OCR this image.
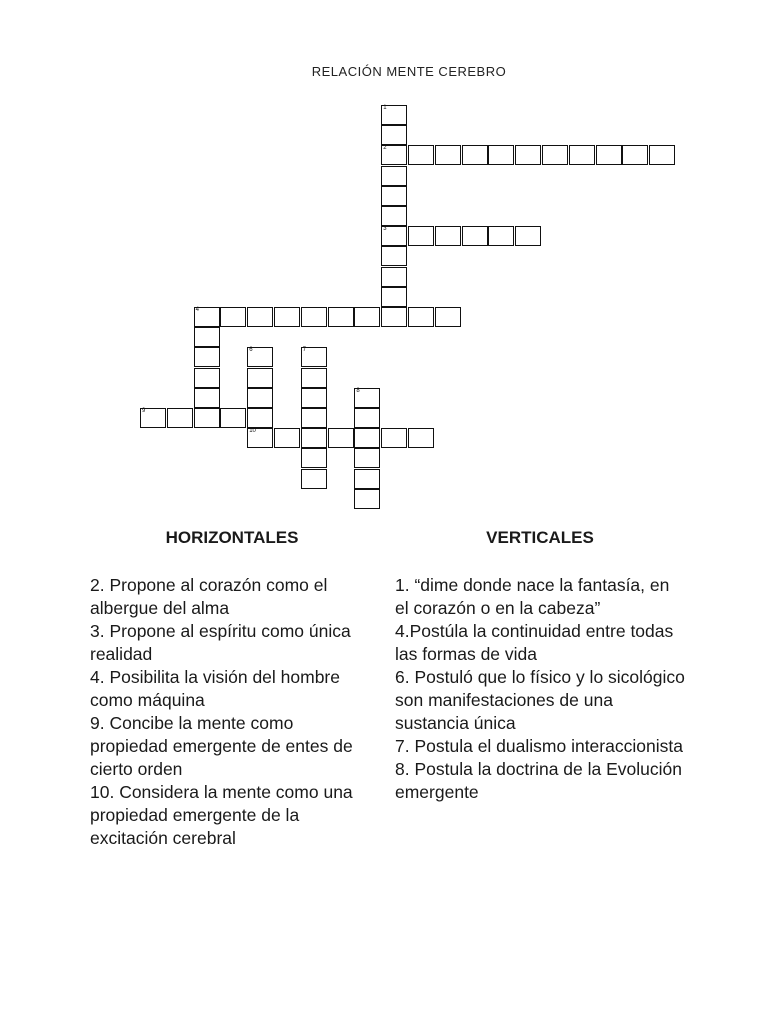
RELACIÓN MENTE CEREBRO
1
2
3
4
6
10
7
8
9
HORIZONTALES

2. Propone al corazón como el albergue del alma

3. Propone al espíritu como única realidad

4. Posibilita la visión del hombre como máquina

9. Concibe la mente como propiedad emergente de entes de cierto orden

10. Considera la mente como una propiedad emergente de la excitación cerebral

VERTICALES

1. “dime donde nace la fantasía, en el corazón o en la cabeza”

4.Postúla la continuidad entre todas las formas de vida

6. Postuló que lo físico y lo sicológico son manifestaciones de una sustancia única

7. Postula el dualismo interaccionista

8. Postula la doctrina de la Evolución emergente
